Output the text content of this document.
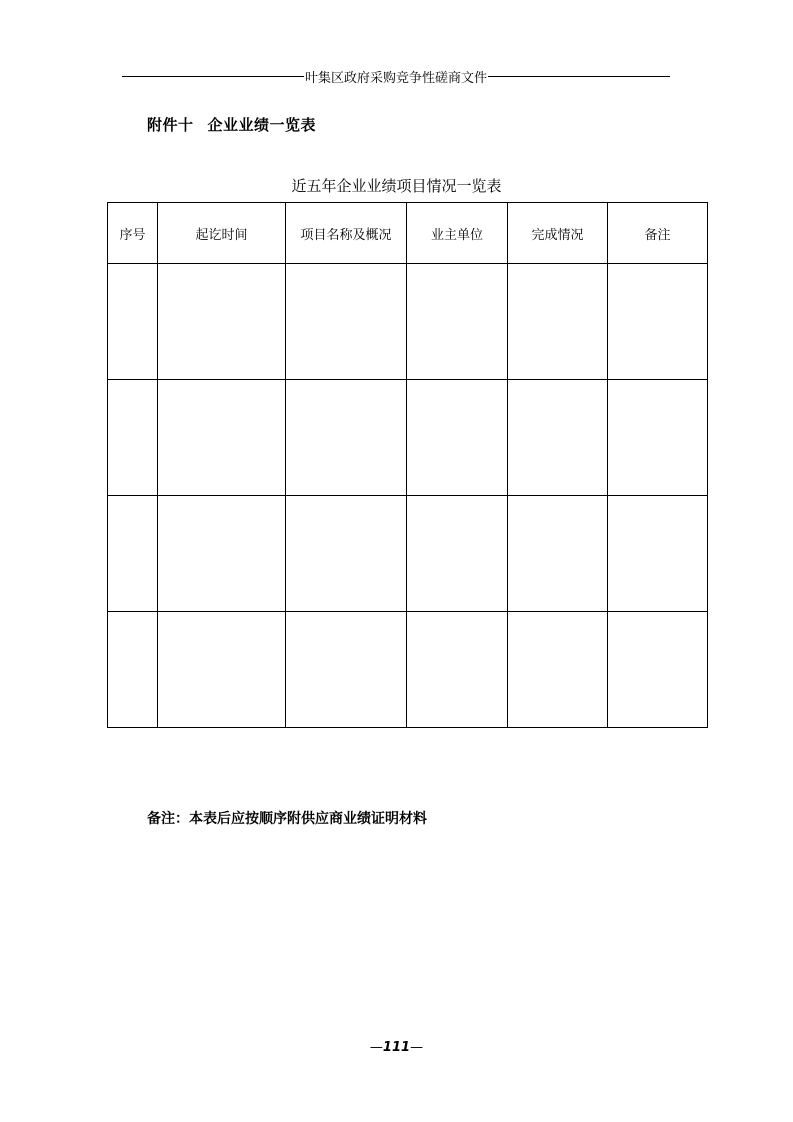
叶集区政府采购竞争性磋商文件
附件十 企业业绩一览表
近五年企业业绩项目情况一览表
序号	起讫时间	项目名称及概况	业主单位	完成情况	备注

备注：本表后应按顺序附供应商业绩证明材料
—111—
